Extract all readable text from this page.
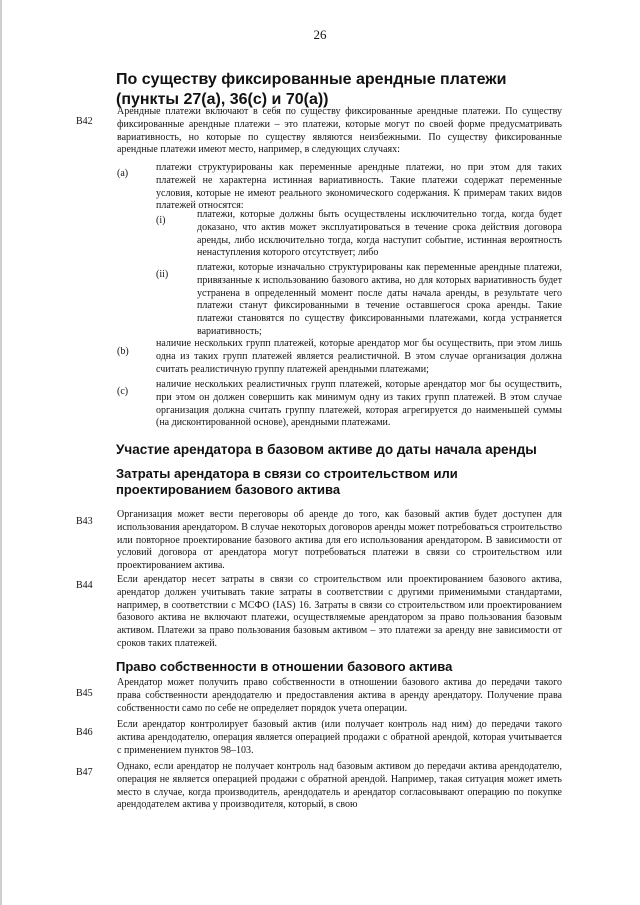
26
По существу фиксированные арендные платежи (пункты 27(a), 36(c) и 70(a))
B42
Арендные платежи включают в себя по существу фиксированные арендные платежи. По существу фиксированные арендные платежи – это платежи, которые могут по своей форме предусматривать вариативность, но которые по существу являются неизбежными. По существу фиксированные арендные платежи имеют место, например, в следующих случаях:
(a)
платежи структурированы как переменные арендные платежи, но при этом для таких платежей не характерна истинная вариативность. Такие платежи содержат переменные условия, которые не имеют реального экономического содержания. К примерам таких видов платежей относятся:
(i)
платежи, которые должны быть осуществлены исключительно тогда, когда будет доказано, что актив может эксплуатироваться в течение срока действия договора аренды, либо исключительно тогда, когда наступит событие, истинная вероятность ненаступления которого отсутствует; либо
(ii)
платежи, которые изначально структурированы как переменные арендные платежи, привязанные к использованию базового актива, но для которых вариативность будет устранена в определенный момент после даты начала аренды, в результате чего платежи станут фиксированными в течение оставшегося срока аренды. Такие платежи становятся по существу фиксированными платежами, когда устраняется вариативность;
(b)
наличие нескольких групп платежей, которые арендатор мог бы осуществить, при этом лишь одна из таких групп платежей является реалистичной. В этом случае организация должна считать реалистичную группу платежей арендными платежами;
(c)
наличие нескольких реалистичных групп платежей, которые арендатор мог бы осуществить, при этом он должен совершить как минимум одну из таких групп платежей. В этом случае организация должна считать группу платежей, которая агрегируется до наименьшей суммы (на дисконтированной основе), арендными платежами.
Участие арендатора в базовом активе до даты начала аренды
Затраты арендатора в связи со строительством или проектированием базового актива
B43
Организация может вести переговоры об аренде до того, как базовый актив будет доступен для использования арендатором. В случае некоторых договоров аренды может потребоваться строительство или повторное проектирование базового актива для его использования арендатором. В зависимости от условий договора от арендатора могут потребоваться платежи в связи со строительством или проектированием актива.
B44
Если арендатор несет затраты в связи со строительством или проектированием базового актива, арендатор должен учитывать такие затраты в соответствии с другими применимыми стандартами, например, в соответствии с МСФО (IAS) 16. Затраты в связи со строительством или проектированием базового актива не включают платежи, осуществляемые арендатором за право пользования базовым активом. Платежи за право пользования базовым активом – это платежи за аренду вне зависимости от сроков таких платежей.
Право собственности в отношении базового актива
B45
Арендатор может получить право собственности в отношении базового актива до передачи такого права собственности арендодателю и предоставления актива в аренду арендатору. Получение права собственности само по себе не определяет порядок учета операции.
B46
Если арендатор контролирует базовый актив (или получает контроль над ним) до передачи такого актива арендодателю, операция является операцией продажи с обратной арендой, которая учитывается с применением пунктов 98–103.
B47
Однако, если арендатор не получает контроль над базовым активом до передачи актива арендодателю, операция не является операцией продажи с обратной арендой. Например, такая ситуация может иметь место в случае, когда производитель, арендодатель и арендатор согласовывают операцию по покупке арендодателем актива у производителя, который, в свою
